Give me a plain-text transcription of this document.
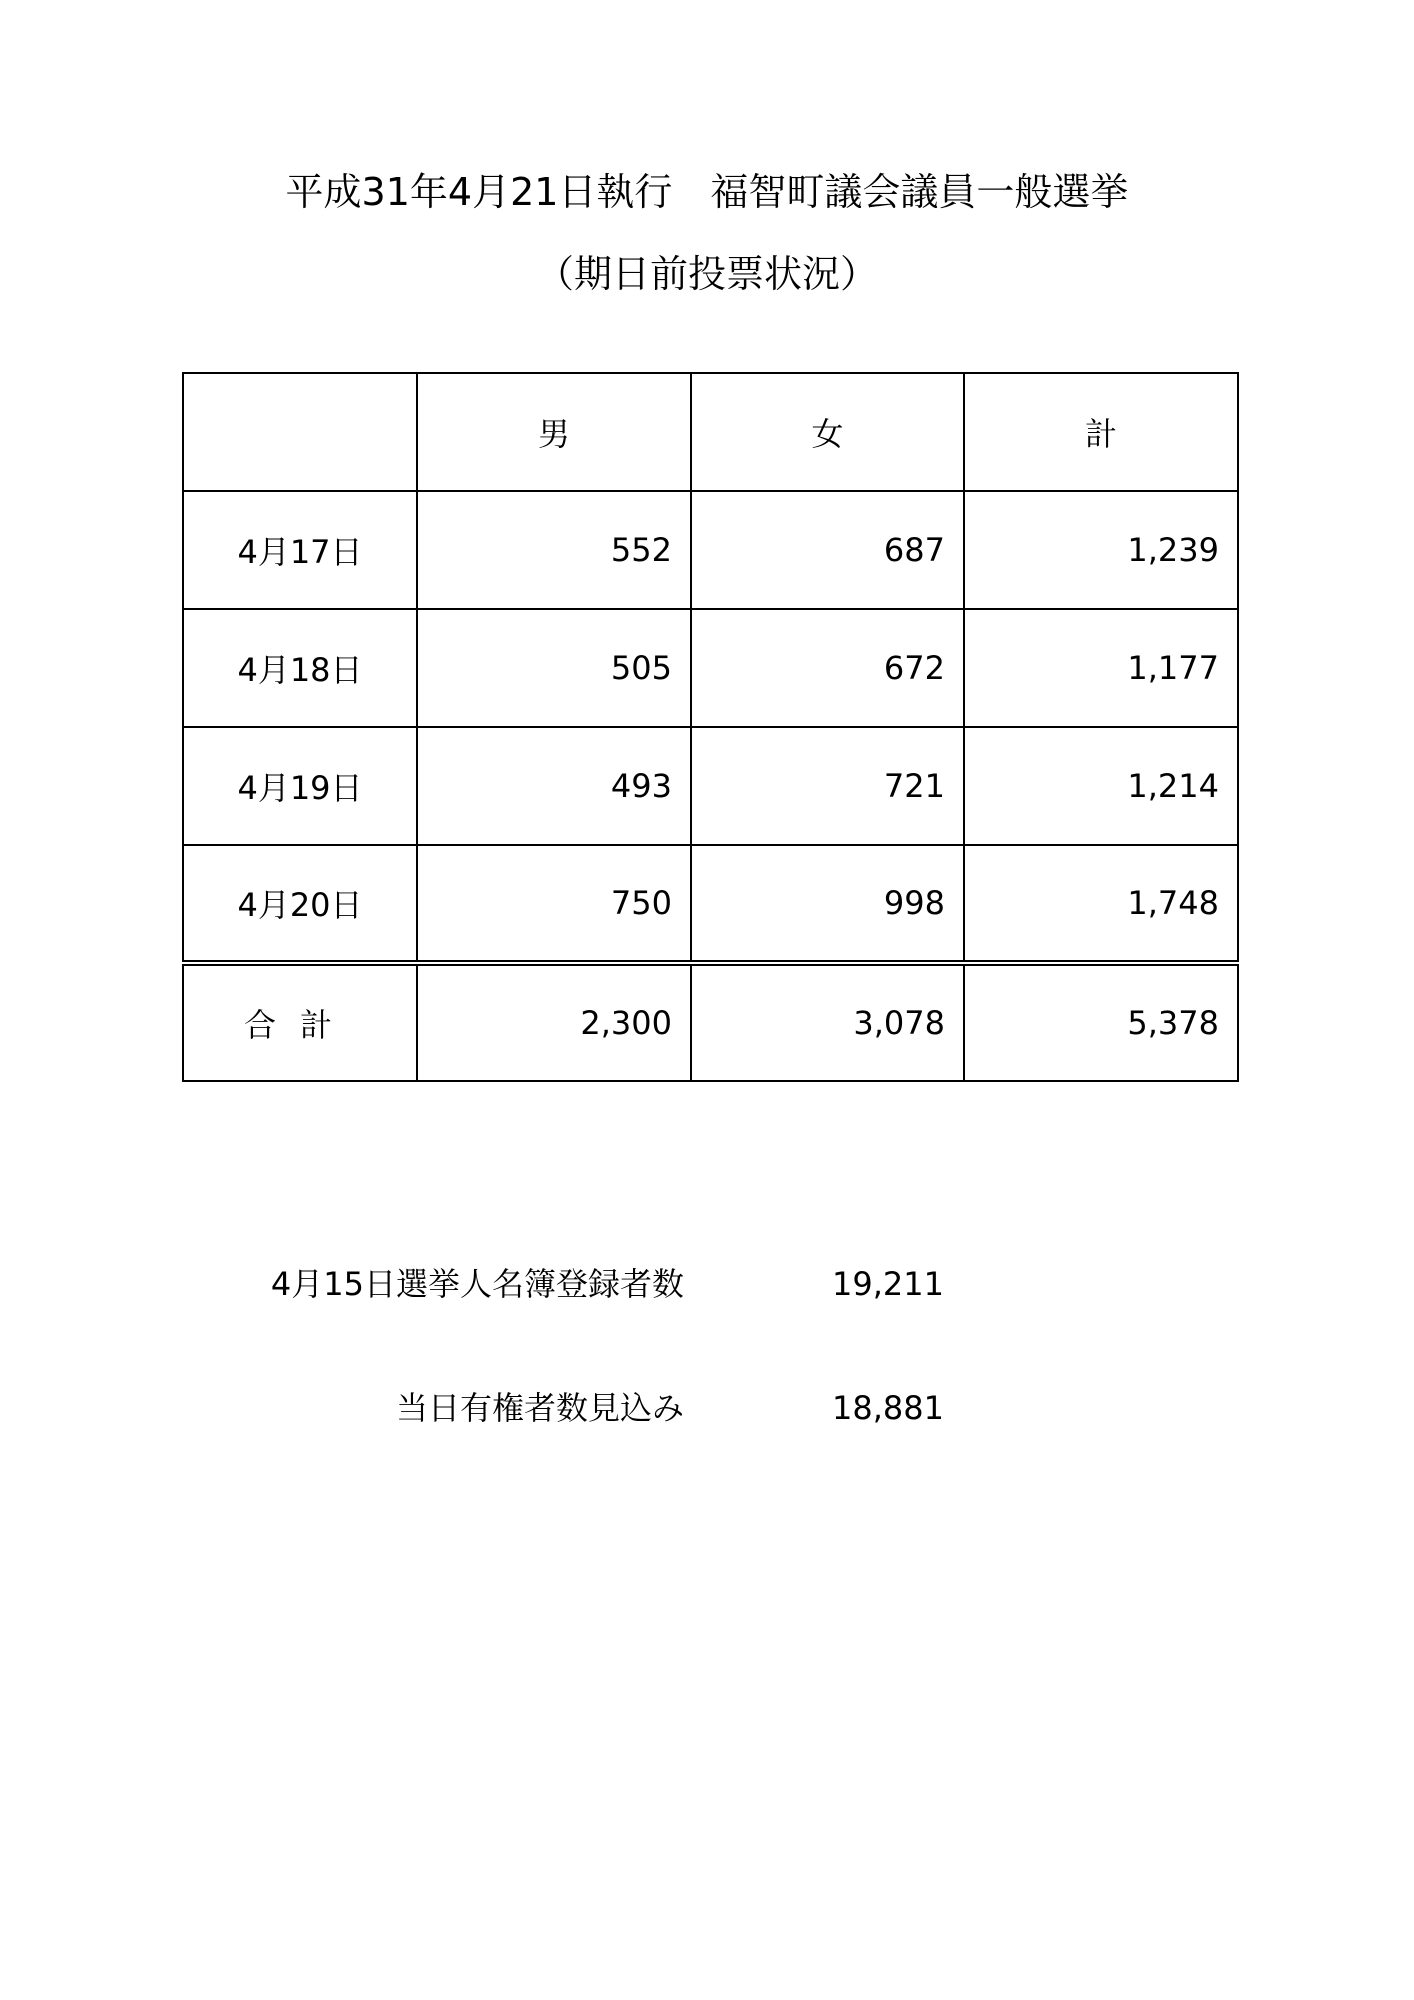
平成31年4月21日執行　福智町議会議員一般選挙
（期日前投票状況）
	男	女	計
4月17日	552	687	1,239
4月18日	505	672	1,177
4月19日	493	721	1,214
4月20日	750	998	1,748
合計	2,300	3,078	5,378
4月15日選挙人名簿登録者数	19,211
当日有権者数見込み	18,881
